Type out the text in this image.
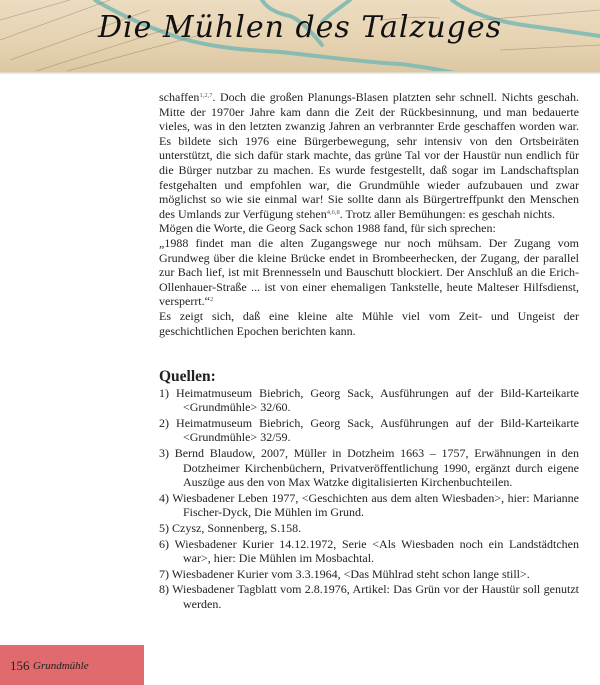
Die Mühlen des Talzuges

schaffen$^{1,2,7}$. Doch die großen Planungs-Blasen platzten sehr schnell. Nichts geschah. Mitte der 1970er Jahre kam dann die Zeit der Rückbesinnung, und man bedauerte vieles, was in den letzten zwanzig Jahren an verbrannter Erde geschaffen worden war. Es bildete sich 1976 eine Bürgerbewegung, sehr intensiv von den Ortsbeiräten unterstützt, die sich dafür stark machte, das grüne Tal vor der Haustür nun endlich für die Bürger nutzbar zu machen. Es wurde festgestellt, daß sogar im Landschaftsplan festgehalten und empfohlen war, die Grundmühle wieder aufzubauen und zwar möglichst so wie sie einmal war! Sie sollte dann als Bürgertreffpunkt den Menschen des Umlands zur Verfügung stehen$^{4,6,8}$. Trotz aller Bemühungen: es geschah nichts.

Mögen die Worte, die Georg Sack schon 1988 fand, für sich sprechen:

„1988 findet man die alten Zugangswege nur noch mühsam. Der Zugang vom Grundweg über die kleine Brücke endet in Brombeerhecken, der Zugang, der parallel zur Bach lief, ist mit Brennesseln und Bauschutt blockiert. Der Anschluß an die Erich-Ollenhauer-Straße ... ist von einer ehemaligen Tankstelle, heute Malteser Hilfsdienst, versperrt.“$^2$

Es zeigt sich, daß eine kleine alte Mühle viel vom Zeit- und Ungeist der geschichtlichen Epochen berichten kann.

Quellen:
1) Heimatmuseum Biebrich, Georg Sack, Ausführungen auf der Bild-Karteikarte <Grundmühle> 32/60.
2) Heimatmuseum Biebrich, Georg Sack, Ausführungen auf der Bild-Karteikarte <Grundmühle> 32/59.
3) Bernd Blaudow, 2007, Müller in Dotzheim 1663 – 1757, Erwähnungen in den Dotzheimer Kirchenbüchern, Privatveröffentlichung 1990, ergänzt durch eigene Auszüge aus den von Max Watzke digitalisierten Kirchenbuchteilen.
4) Wiesbadener Leben 1977, <Geschichten aus dem alten Wiesbaden>, hier: Marianne Fischer-Dyck, Die Mühlen im Grund.
5) Czysz, Sonnenberg, S.158.
6) Wiesbadener Kurier 14.12.1972, Serie <Als Wiesbaden noch ein Landstädtchen war>, hier: Die Mühlen im Mosbachtal.
7) Wiesbadener Kurier vom 3.3.1964, <Das Mühlrad steht schon lange still>.
8) Wiesbadener Tagblatt vom 2.8.1976, Artikel: Das Grün vor der Haustür soll genutzt werden.
156 Grundmühle
